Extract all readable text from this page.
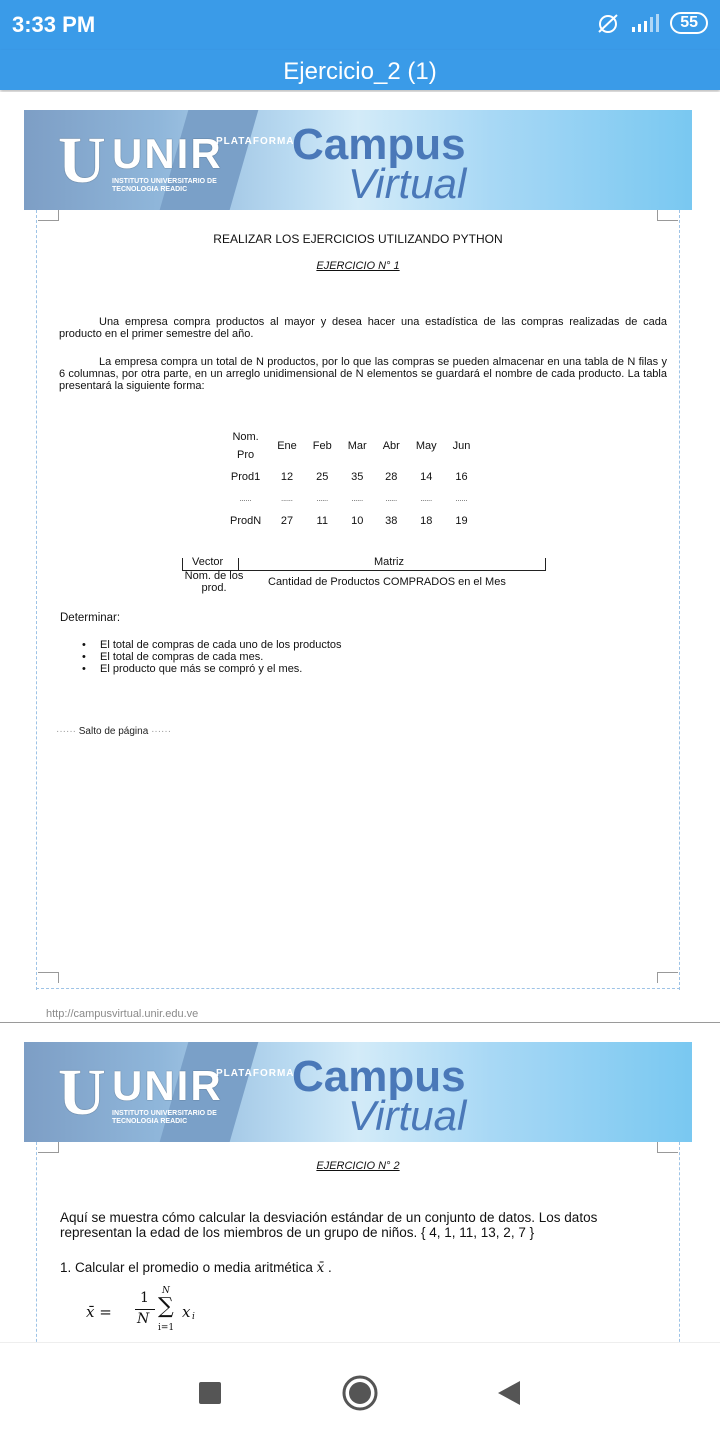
3:33 PM	55
Ejercicio_2 (1)
U UNIR
INSTITUTO UNIVERSITARIO DE TECNOLOGIA READIC
PLATAFORMA
Campus
Virtual
REALIZAR LOS EJERCICIOS UTILIZANDO PYTHON
EJERCICIO N° 1
Una empresa compra productos al mayor y desea hacer una estadística de las compras realizadas de cada producto en el primer semestre del año.
La empresa compra un total de N productos, por lo que las compras se pueden almacenar en una tabla de N filas y 6 columnas, por otra parte, en un arreglo unidimensional de N elementos se guardará el nombre de cada producto. La tabla presentará la siguiente forma:
Nom.
Pro	Ene	Feb	Mar	Abr	May	Jun
Prod1	12	25	35	28	14	16
......	......	......	......	......	......	......
ProdN	27	11	10	38	18	19
Vector	Matriz
Nom. de los prod.	Cantidad de Productos COMPRADOS en el Mes
Determinar:
• El total de compras de cada uno de los productos
• El total de compras de cada mes.
• El producto que más se compró y el mes.
······ Salto de página ······
http://campusvirtual.unir.edu.ve
U UNIR
INSTITUTO UNIVERSITARIO DE TECNOLOGIA READIC
PLATAFORMA
Campus
Virtual
EJERCICIO N° 2
Aquí se muestra cómo calcular la desviación estándar de un conjunto de datos. Los datos representan la edad de los miembros de un grupo de niños. { 4, 1, 11, 13, 2, 7 }
1. Calcular el promedio o media aritmética x̄ .
x̄ =
1
N
N
∑
i=1
x i
